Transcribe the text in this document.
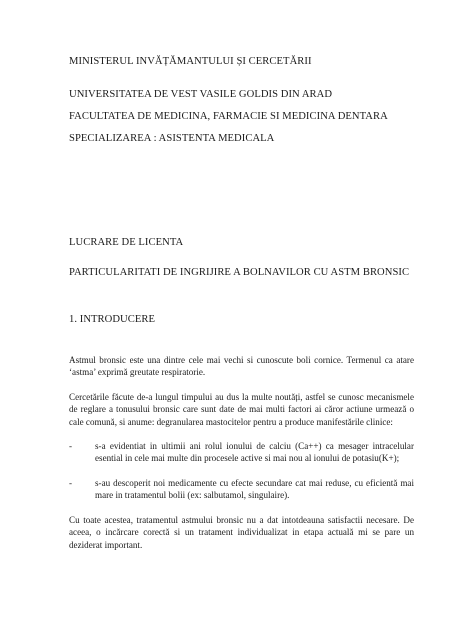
MINISTERUL INVĂȚĂMANTULUI ȘI CERCETĂRII

UNIVERSITATEA DE VEST VASILE GOLDIS DIN ARAD

FACULTATEA DE MEDICINA, FARMACIE SI MEDICINA DENTARA

SPECIALIZAREA : ASISTENTA MEDICALA

LUCRARE DE LICENTA

PARTICULARITATI DE INGRIJIRE A BOLNAVILOR CU ASTM BRONSIC

1. INTRODUCERE

Astmul bronsic este una dintre cele mai vechi si cunoscute boli cornice. Termenul ca atare ‘astma’ exprimă greutate respiratorie.

Cercetările făcute de-a lungul timpului au dus la multe noutăți, astfel se cunosc mecanismele de reglare a tonusului bronsic care sunt date de mai multi factori ai căror actiune urmează o cale comună, si anume: degranularea mastocitelor pentru a produce manifestările clinice:

-	s-a evidentiat in ultimii ani rolul ionului de calciu (Ca++) ca mesager intracelular esential in cele mai multe din procesele active si mai nou al ionului de potasiu(K+);
-	s-au descoperit noi medicamente cu efecte secundare cat mai reduse, cu eficientă mai mare in tratamentul bolii (ex: salbutamol, singulaire).

Cu toate acestea, tratamentul astmului bronsic nu a dat intotdeauna satisfactii necesare. De aceea, o incărcare corectă si un tratament individualizat in etapa actuală mi se pare un deziderat important.
